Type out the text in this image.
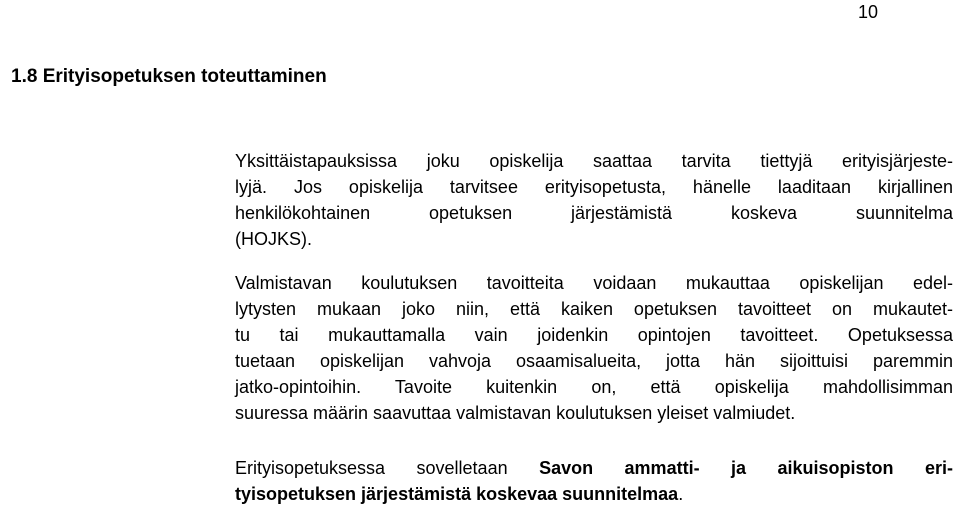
10
1.8 Erityisopetuksen toteuttaminen

Yksittäistapauksissa joku opiskelija saattaa tarvita tiettyjä erityisjärjeste-
lyjä. Jos opiskelija tarvitsee erityisopetusta, hänelle laaditaan kirjallinen
henkilökohtainen opetuksen järjestämistä koskeva suunnitelma
(HOJKS).

Valmistavan koulutuksen tavoitteita voidaan mukauttaa opiskelijan edel-
lytysten mukaan joko niin, että kaiken opetuksen tavoitteet on mukautet-
tu tai mukauttamalla vain joidenkin opintojen tavoitteet. Opetuksessa
tuetaan opiskelijan vahvoja osaamisalueita, jotta hän sijoittuisi paremmin
jatko-opintoihin. Tavoite kuitenkin on, että opiskelija mahdollisimman
suuressa määrin saavuttaa valmistavan koulutuksen yleiset valmiudet.

Erityisopetuksessa sovelletaan Savon ammatti- ja aikuisopiston eri-
tyisopetuksen järjestämistä koskevaa suunnitelmaa.
